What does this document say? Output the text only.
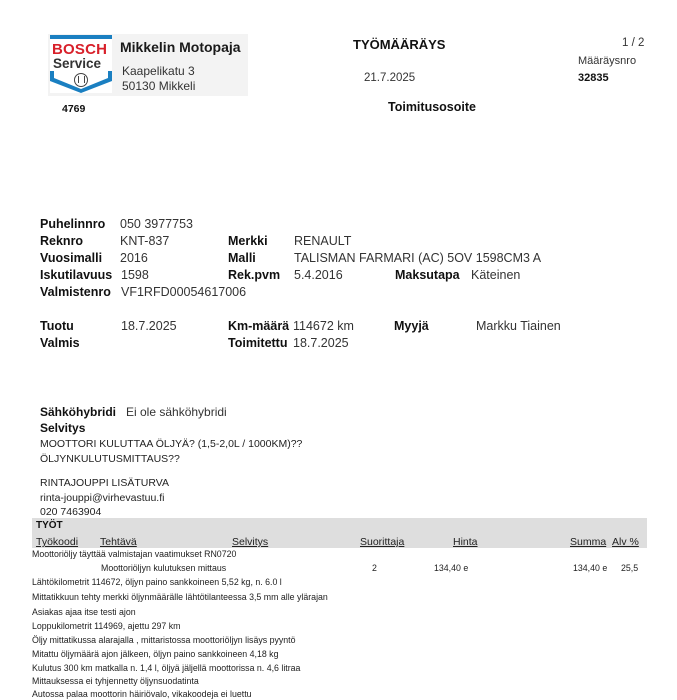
BOSCH
Service
Mikkelin Motopaja
Kaapelikatu 3
50130 Mikkeli
4769
TYÖMÄÄRÄYS	1 / 2
Määräysnro
32835
21.7.2025
Toimitusosoite
Puhelinnro 050 3977753
Reknro	KNT-837	Merkki RENAULT
Vuosimalli 2016	Malli	TALISMAN FARMARI (AC) 5OV 1598CM3 A
Iskutilavuus 1598	Rek.pvm 5.4.2016	Maksutapa Käteinen
Valmistenro VF1RFD00054617006
Tuotu	18.7.2025	Km-määrä 114672 km	Myyjä	Markku Tiainen
Valmis	Toimitettu 18.7.2025
Sähköhybridi Ei ole sähköhybridi
Selvitys
MOOTTORI KULUTTAA ÖLJYÄ? (1,5-2,0L / 1000KM)??
ÖLJYNKULUTUSMITTAUS??
RINTAJOUPPI LISÄTURVA
rinta-jouppi@virhevastuu.fi
020 7463904
TYÖT
Työkoodi Tehtävä	Selvitys	Suorittaja	Hinta	Summa Alv %
Moottoriöljy täyttää valmistajan vaatimukset RN0720
Moottoriöljyn kulutuksen mittaus	2	134,40 e	134,40 e 25,5
Lähtökilometrit 114672, öljyn paino sankkoineen 5,52 kg, n. 6.0 l
Mittatikkuun tehty merkki öljynmäärälle lähtötilanteessa 3,5 mm alle ylärajan
Asiakas ajaa itse testi ajon
Loppukilometrit 114969, ajettu 297 km
Öljy mittatikussa alarajalla , mittaristossa moottoriöljyn lisäys pyyntö
Mitattu öljymäärä ajon jälkeen, öljyn paino sankkoineen 4,18 kg
Kulutus 300 km matkalla n. 1,4 l, öljyä jäljellä moottorissa n. 4,6 litraa
Mittauksessa ei tyhjennetty öljynsuodatinta
Autossa palaa moottorin häiriövalo, vikakoodeja ei luettu
